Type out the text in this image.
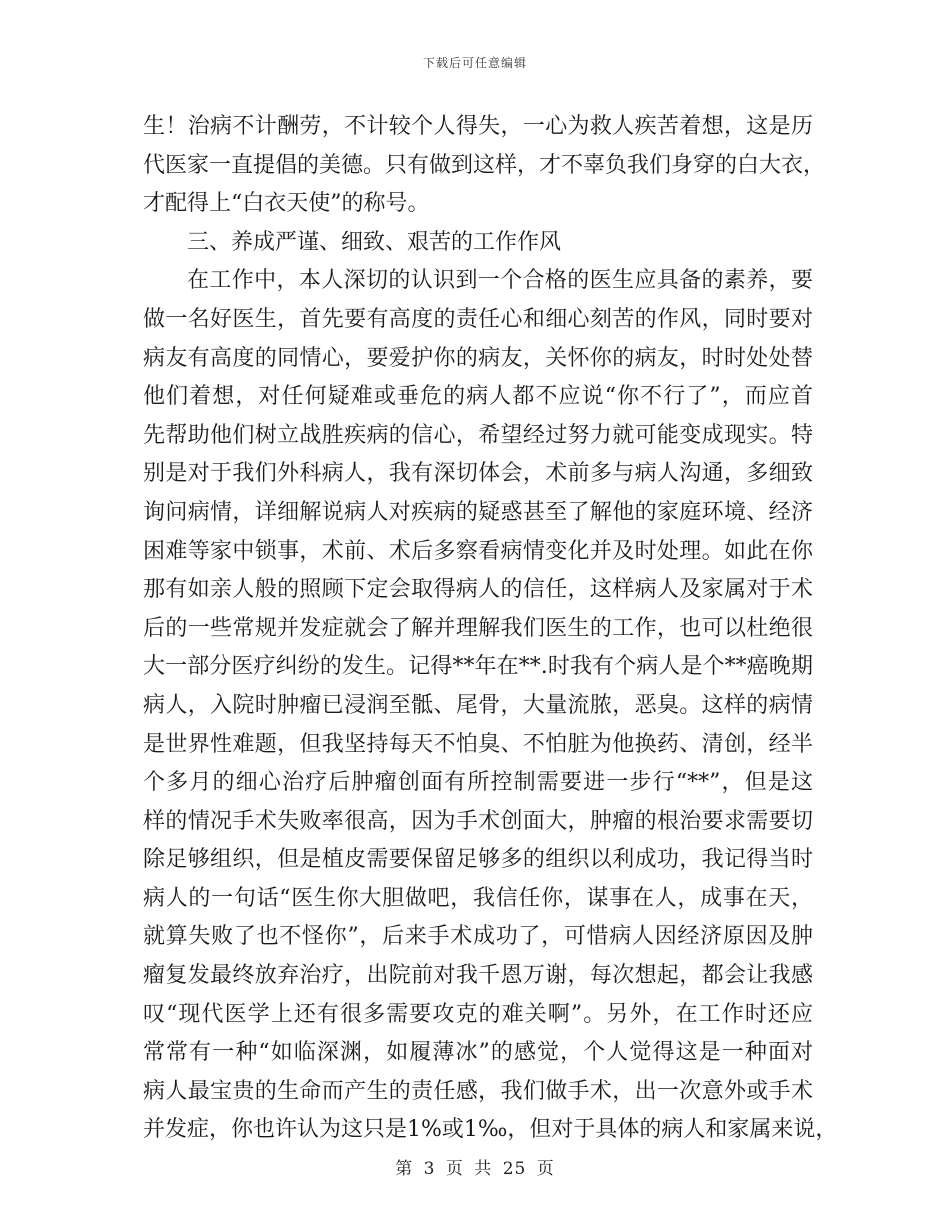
下载后可任意编辑
生！治病不计酬劳，不计较个人得失，一心为救人疾苦着想，这是历
代医家一直提倡的美德。只有做到这样，才不辜负我们身穿的白大衣，
才配得上“白衣天使”的称号。
三、养成严谨、细致、艰苦的工作作风
在工作中，本人深切的认识到一个合格的医生应具备的素养，要
做一名好医生，首先要有高度的责任心和细心刻苦的作风，同时要对
病友有高度的同情心，要爱护你的病友，关怀你的病友，时时处处替
他们着想，对任何疑难或垂危的病人都不应说“你不行了”，而应首
先帮助他们树立战胜疾病的信心，希望经过努力就可能变成现实。特
别是对于我们外科病人，我有深切体会，术前多与病人沟通，多细致
询问病情，详细解说病人对疾病的疑惑甚至了解他的家庭环境、经济
困难等家中锁事，术前、术后多察看病情变化并及时处理。如此在你
那有如亲人般的照顾下定会取得病人的信任，这样病人及家属对于术
后的一些常规并发症就会了解并理解我们医生的工作，也可以杜绝很
大一部分医疗纠纷的发生。记得**年在**.时我有个病人是个**癌晚期
病人，入院时肿瘤已浸润至骶、尾骨，大量流脓，恶臭。这样的病情
是世界性难题，但我坚持每天不怕臭、不怕脏为他换药、清创，经半
个多月的细心治疗后肿瘤创面有所控制需要进一步行“**”，但是这
样的情况手术失败率很高，因为手术创面大，肿瘤的根治要求需要切
除足够组织，但是植皮需要保留足够多的组织以利成功，我记得当时
病人的一句话“医生你大胆做吧，我信任你，谋事在人，成事在天，
就算失败了也不怪你”，后来手术成功了，可惜病人因经济原因及肿
瘤复发最终放弃治疗，出院前对我千恩万谢，每次想起，都会让我感
叹“现代医学上还有很多需要攻克的难关啊”。另外，在工作时还应
常常有一种“如临深渊，如履薄冰”的感觉，个人觉得这是一种面对
病人最宝贵的生命而产生的责任感，我们做手术，出一次意外或手术
并发症，你也许认为这只是1%或1‰，但对于具体的病人和家属来说，
第 3 页 共 25 页
